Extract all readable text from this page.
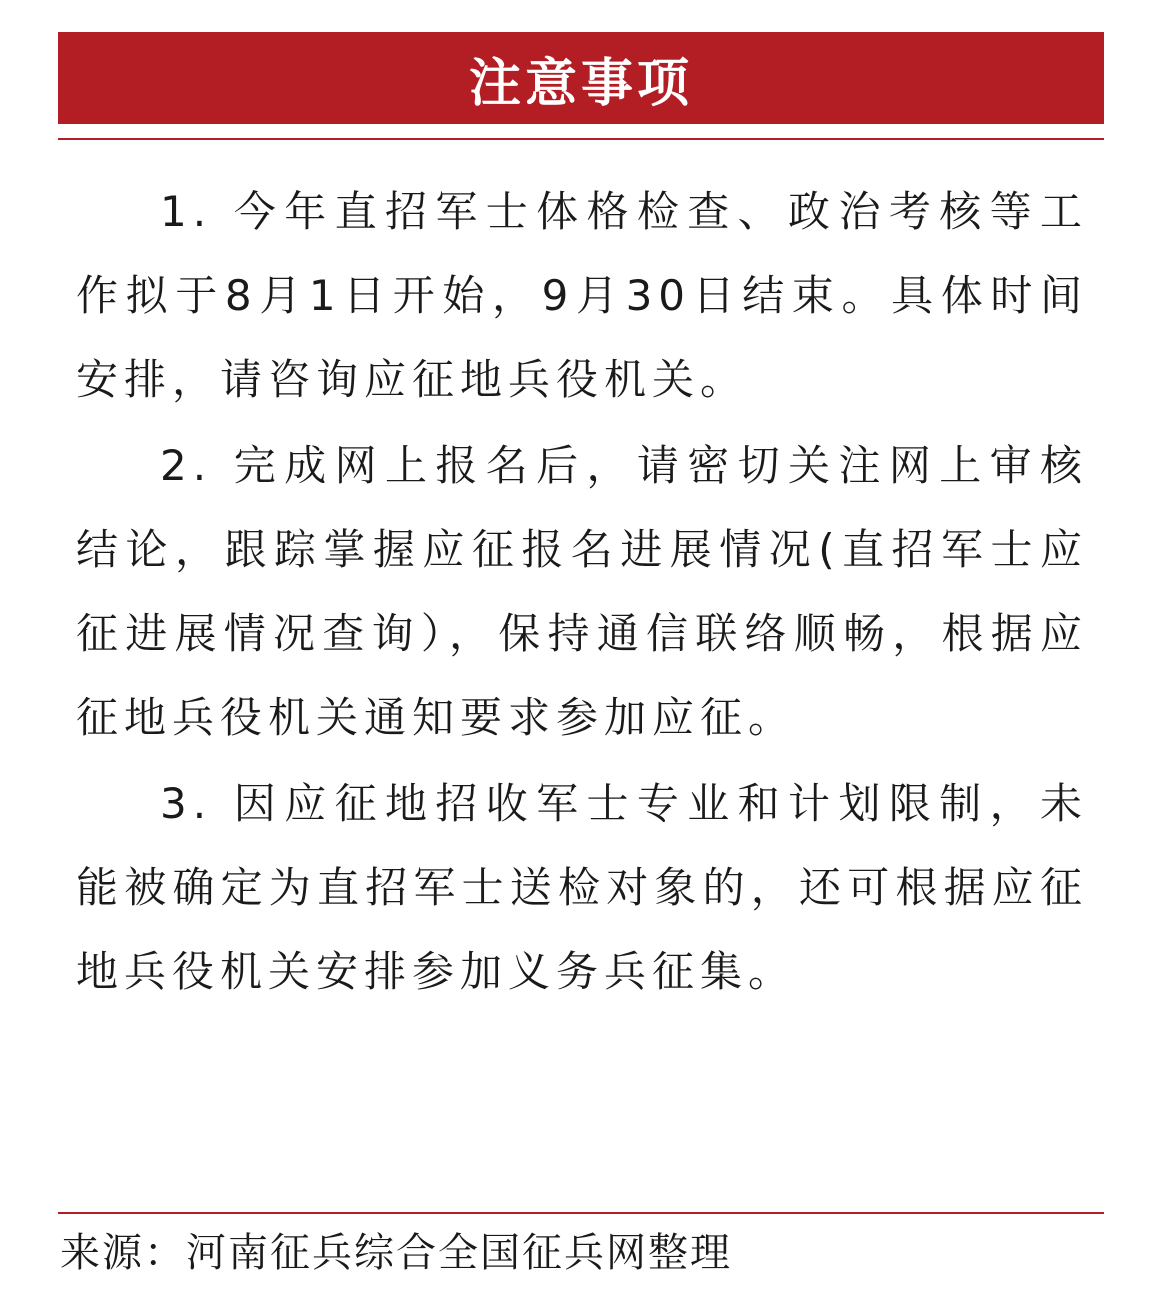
注意事项

1. 今年直招军士体格检查、政治考核等工作拟于8月1日开始，9月30日结束。具体时间安排，请咨询应征地兵役机关。

2. 完成网上报名后，请密切关注网上审核结论，跟踪掌握应征报名进展情况(直招军士应征进展情况查询），保持通信联络顺畅，根据应征地兵役机关通知要求参加应征。

3. 因应征地招收军士专业和计划限制，未能被确定为直招军士送检对象的，还可根据应征地兵役机关安排参加义务兵征集。

来源：河南征兵综合全国征兵网整理
